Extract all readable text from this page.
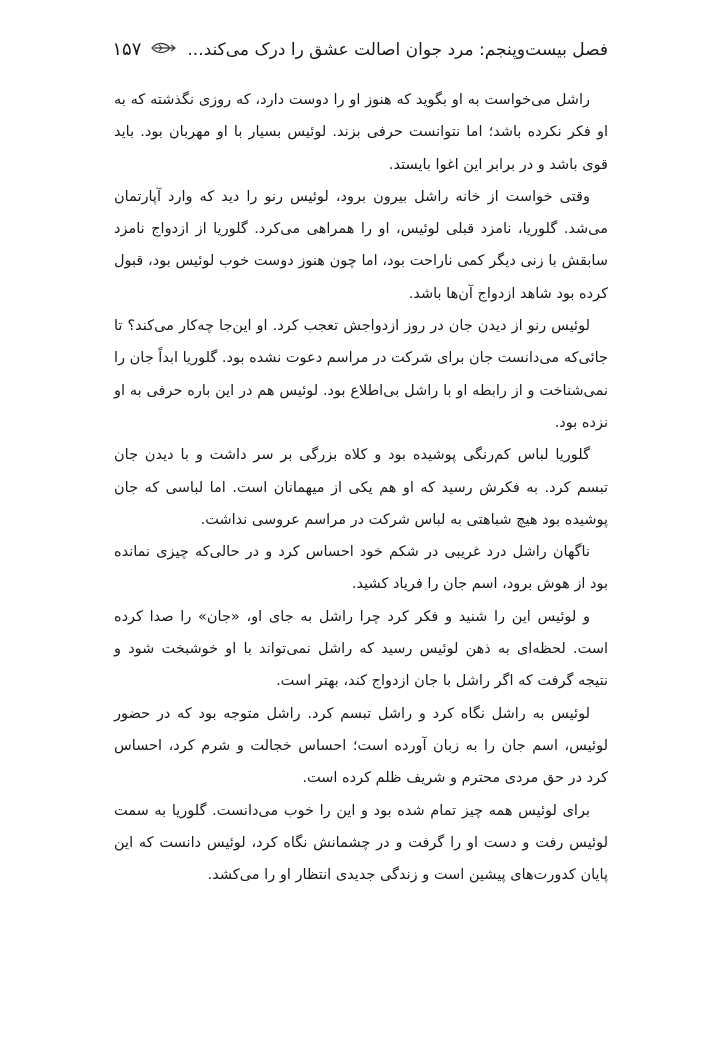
فصل بیست‌وپنجم: مرد جوان اصالت عشق را درک می‌کند...
۱۵۷

راشل می‌خواست به او بگوید که هنوز او را دوست دارد، که روزی نگذشته که به او فکر نکرده باشد؛ اما نتوانست حرفی بزند. لوئیس بسیار با او مهربان بود. باید قوی باشد و در برابر این اغوا بایستد.

وقتی خواست از خانه راشل بیرون برود، لوئیس رنو را دید که وارد آپارتمان می‌شد. گلوریا، نامزد قبلی لوئیس، او را همراهی می‌کرد. گلوریا از ازدواج نامزد سابقش با زنی دیگر کمی ناراحت بود، اما چون هنوز دوست خوب لوئیس بود، قبول کرده بود شاهد ازدواج آن‌ها باشد.

لوئیس رنو از دیدن جان در روز ازدواجش تعجب کرد. او این‌جا چه‌کار می‌کند؟ تا جائی‌که می‌دانست جان برای شرکت در مراسم دعوت نشده بود. گلوریا ابداً جان را نمی‌شناخت و از رابطه او با راشل بی‌اطلاع بود. لوئیس هم در این باره حرفی به او نزده بود.

گلوریا لباس کم‌رنگی پوشیده بود و کلاه بزرگی بر سر داشت و با دیدن جان تبسم کرد. به فکرش رسید که او هم یکی از میهمانان است. اما لباسی که جان پوشیده بود هیچ شباهتی به لباس شرکت در مراسم عروسی نداشت.

ناگهان راشل درد غریبی در شکم خود احساس کرد و در حالی‌که چیزی نمانده بود از هوش برود، اسم جان را فریاد کشید.

و لوئیس این را شنید و فکر کرد چرا راشل به جای او، «جان» را صدا کرده است. لحظه‌ای به ذهن لوئیس رسید که راشل نمی‌تواند با او خوشبخت شود و نتیجه گرفت که اگر راشل با جان ازدواج کند، بهتر است.

لوئیس به راشل نگاه کرد و راشل تبسم کرد. راشل متوجه بود که در حضور لوئیس، اسم جان را به زبان آورده است؛ احساس خجالت و شرم کرد، احساس کرد در حق مردی محترم و شریف ظلم کرده است.

برای لوئیس همه چیز تمام شده بود و این را خوب می‌دانست. گلوریا به سمت لوئیس رفت و دست او را گرفت و در چشمانش نگاه کرد، لوئیس دانست که این پایان کدورت‌های پیشین است و زندگی جدیدی انتظار او را می‌کشد.
